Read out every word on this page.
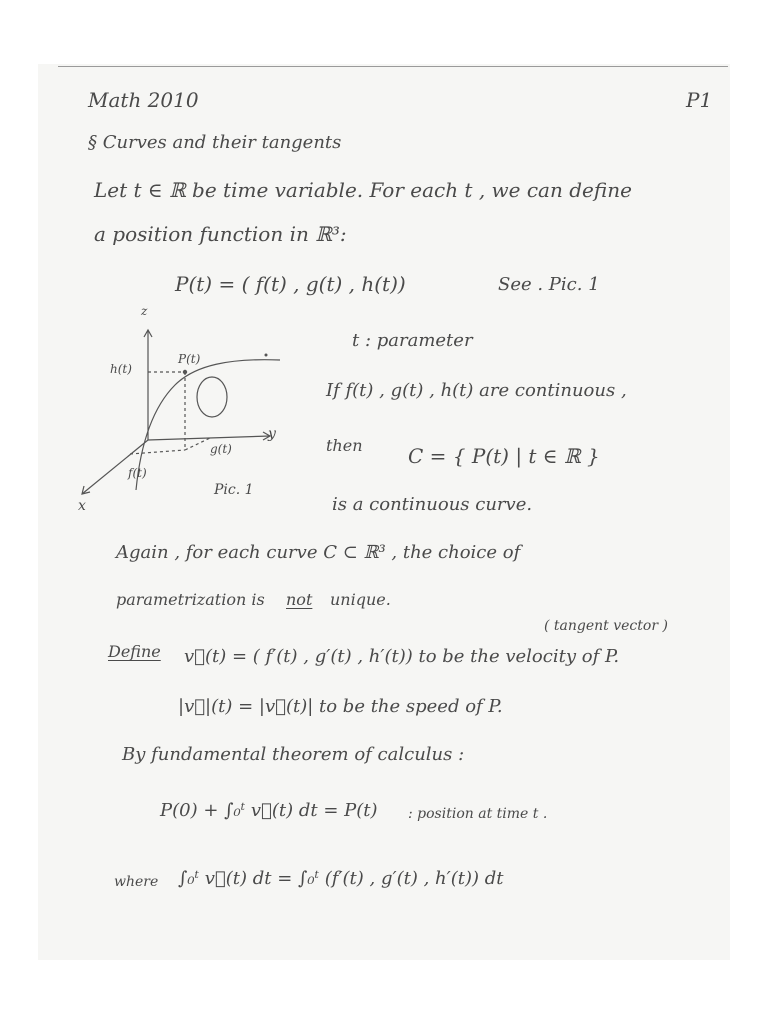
Math 2010	P1
§ Curves and their tangents
Let t ∈ ℝ be time variable. For each t , we can define
a position function in ℝ³:
P(t) = ( f(t) , g(t) , h(t))	See . Pic. 1
z
y
x
h(t)
P(t)
g(t)
f(t)
Pic. 1
t : parameter
If f(t) , g(t) , h(t) are continuous ,
then C = { P(t) | t ∈ ℝ }
is a continuous curve.
Again , for each curve C ⊂ ℝ³ , the choice of
parametrization is not unique.
( tangent vector )
Define v⃗(t) = ( f′(t) , g′(t) , h′(t)) to be the velocity of P.
|v⃗|(t) = |v⃗(t)| to be the speed of P.
By fundamental theorem of calculus :
P(0) + ∫₀ᵗ v⃗(t) dt = P(t) : position at time t .
where ∫₀ᵗ v⃗(t) dt = ∫₀ᵗ (f′(t) , g′(t) , h′(t)) dt
